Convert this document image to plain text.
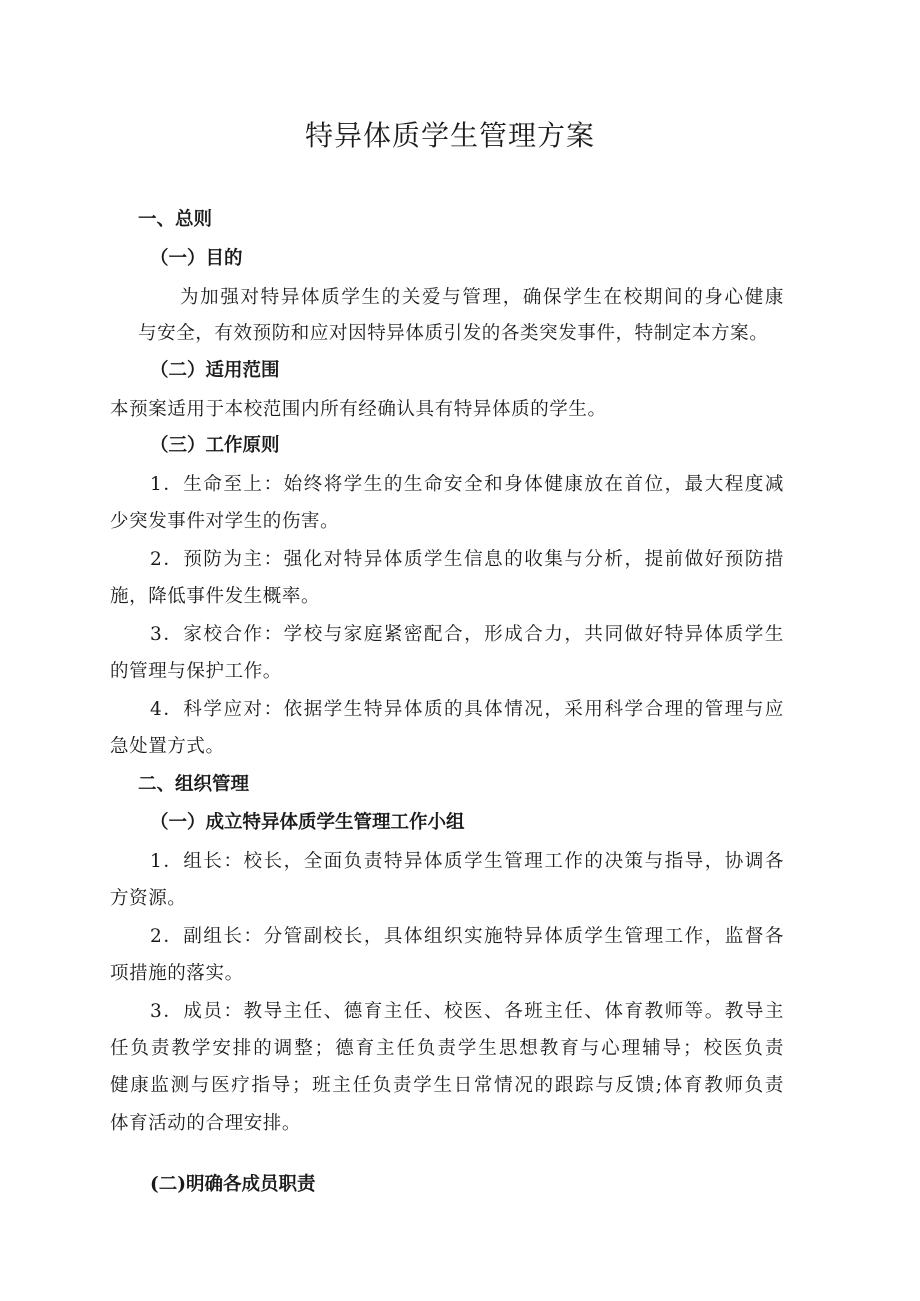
特异体质学生管理方案
一、总则
（一）目的
为加强对特异体质学生的关爱与管理，确保学生在校期间的身心健康
与安全，有效预防和应对因特异体质引发的各类突发事件，特制定本方案。
（二）适用范围
本预案适用于本校范围内所有经确认具有特异体质的学生。
（三）工作原则
1．生命至上：始终将学生的生命安全和身体健康放在首位，最大程度减
少突发事件对学生的伤害。
2．预防为主：强化对特异体质学生信息的收集与分析，提前做好预防措
施，降低事件发生概率。
3．家校合作：学校与家庭紧密配合，形成合力，共同做好特异体质学生
的管理与保护工作。
4．科学应对：依据学生特异体质的具体情况，采用科学合理的管理与应
急处置方式。
二、组织管理
（一）成立特异体质学生管理工作小组
1．组长：校长，全面负责特异体质学生管理工作的决策与指导，协调各
方资源。
2．副组长：分管副校长，具体组织实施特异体质学生管理工作，监督各
项措施的落实。
3．成员：教导主任、德育主任、校医、各班主任、体育教师等。教导主
任负责教学安排的调整；德育主任负责学生思想教育与心理辅导；校医负责
健康监测与医疗指导；班主任负责学生日常情况的跟踪与反馈;体育教师负责
体育活动的合理安排。
(二)明确各成员职责
